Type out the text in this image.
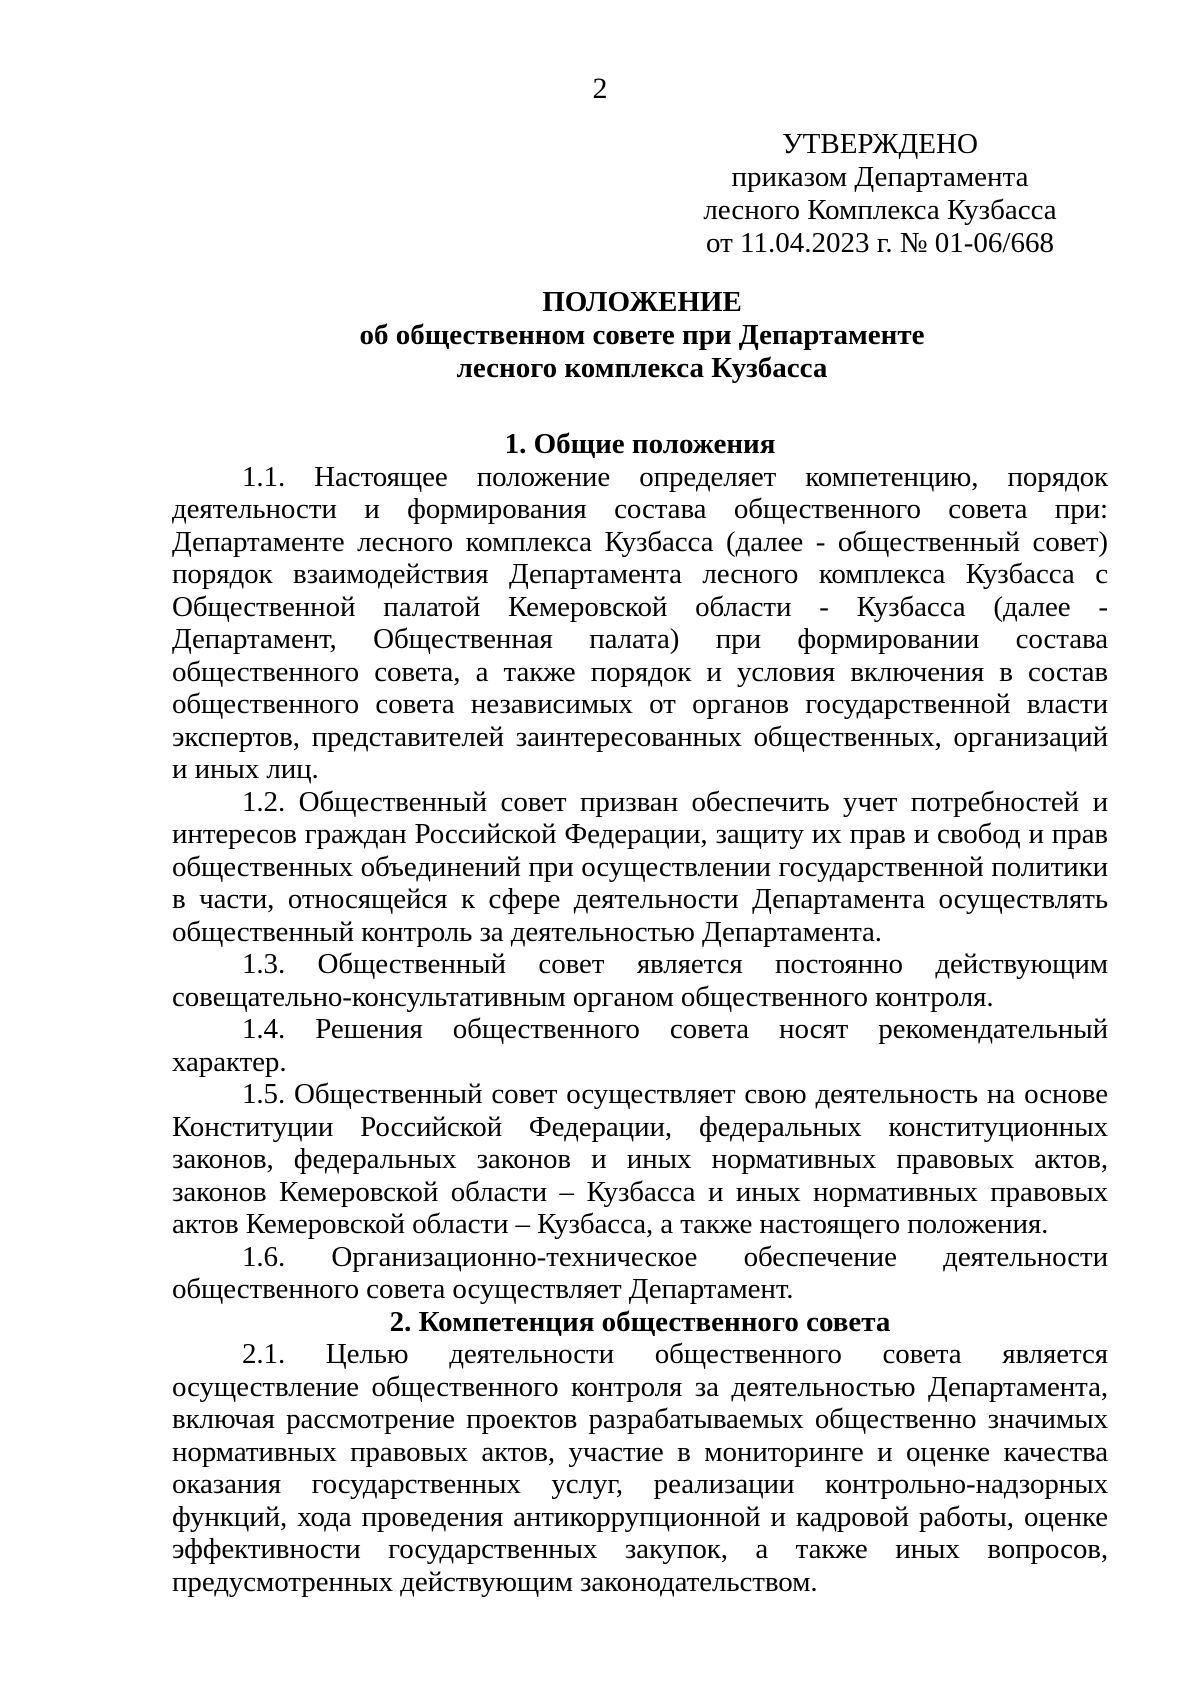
2
УТВЕРЖДЕНО
приказом Департамента
лесного Комплекса Кузбасса
от 11.04.2023 г. № 01-06/668
ПОЛОЖЕНИЕ
об общественном совете при Департаменте
лесного комплекса Кузбасса

1. Общие положения

1.1. Настоящее положение определяет компетенцию, порядок деятельности и формирования состава общественного совета при: Департаменте лесного комплекса Кузбасса (далее - общественный совет) порядок взаимодействия Департамента лесного комплекса Кузбасса с Общественной палатой Кемеровской области - Кузбасса (далее - Департамент, Общественная палата) при формировании состава общественного совета, а также порядок и условия включения в состав общественного совета независимых от органов государственной власти экспертов, представителей заинтересованных общественных, организаций и иных лиц.

1.2. Общественный совет призван обеспечить учет потребностей и интересов граждан Российской Федерации, защиту их прав и свобод и прав общественных объединений при осуществлении государственной политики в части, относящейся к сфере деятельности Департамента осуществлять общественный контроль за деятельностью Департамента.

1.3. Общественный совет является постоянно действующим совещательно-консультативным органом общественного контроля.

1.4. Решения общественного совета носят рекомендательный характер.

1.5. Общественный совет осуществляет свою деятельность на основе Конституции Российской Федерации, федеральных конституционных законов, федеральных законов и иных нормативных правовых актов, законов Кемеровской области – Кузбасса и иных нормативных правовых актов Кемеровской области – Кузбасса, а также настоящего положения.

1.6. Организационно-техническое обеспечение деятельности общественного совета осуществляет Департамент.

2. Компетенция общественного совета

2.1. Целью деятельности общественного совета является осуществление общественного контроля за деятельностью Департамента, включая рассмотрение проектов разрабатываемых общественно значимых нормативных правовых актов, участие в мониторинге и оценке качества оказания государственных услуг, реализации контрольно-надзорных функций, хода проведения антикоррупционной и кадровой работы, оценке эффективности государственных закупок, а также иных вопросов, предусмотренных действующим законодательством.
